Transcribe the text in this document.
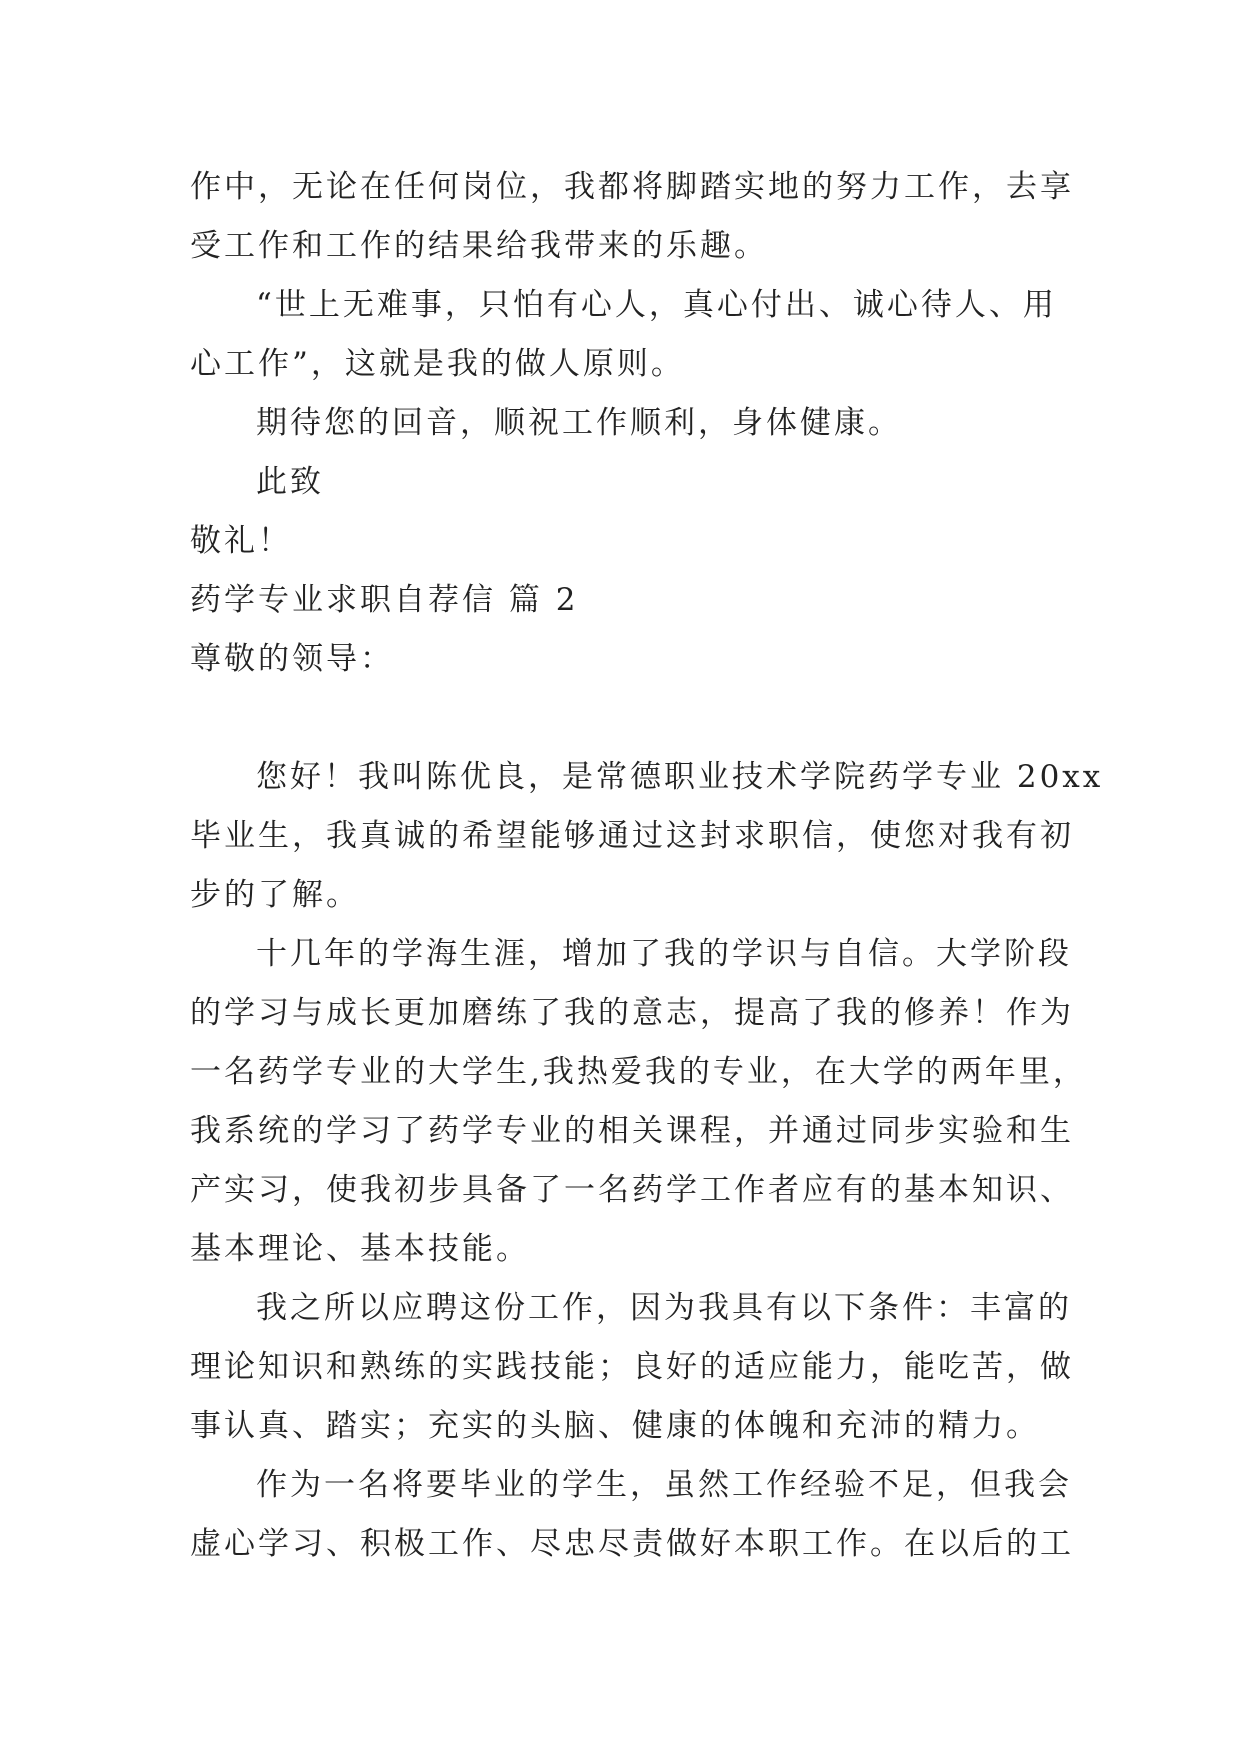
作中，无论在任何岗位，我都将脚踏实地的努力工作，去享
受工作和工作的结果给我带来的乐趣。
“世上无难事，只怕有心人，真心付出、诚心待人、用
心工作”，这就是我的做人原则。
期待您的回音，顺祝工作顺利，身体健康。
此致
敬礼！
药学专业求职自荐信 篇 2
尊敬的领导：
您好！我叫陈优良，是常德职业技术学院药学专业 20xx
毕业生，我真诚的希望能够通过这封求职信，使您对我有初
步的了解。
十几年的学海生涯，增加了我的学识与自信。大学阶段
的学习与成长更加磨练了我的意志，提高了我的修养！作为
一名药学专业的大学生,我热爱我的专业，在大学的两年里，
我系统的学习了药学专业的相关课程，并通过同步实验和生
产实习，使我初步具备了一名药学工作者应有的基本知识、
基本理论、基本技能。
我之所以应聘这份工作，因为我具有以下条件：丰富的
理论知识和熟练的实践技能；良好的适应能力，能吃苦，做
事认真、踏实；充实的头脑、健康的体魄和充沛的精力。
作为一名将要毕业的学生，虽然工作经验不足，但我会
虚心学习、积极工作、尽忠尽责做好本职工作。在以后的工
